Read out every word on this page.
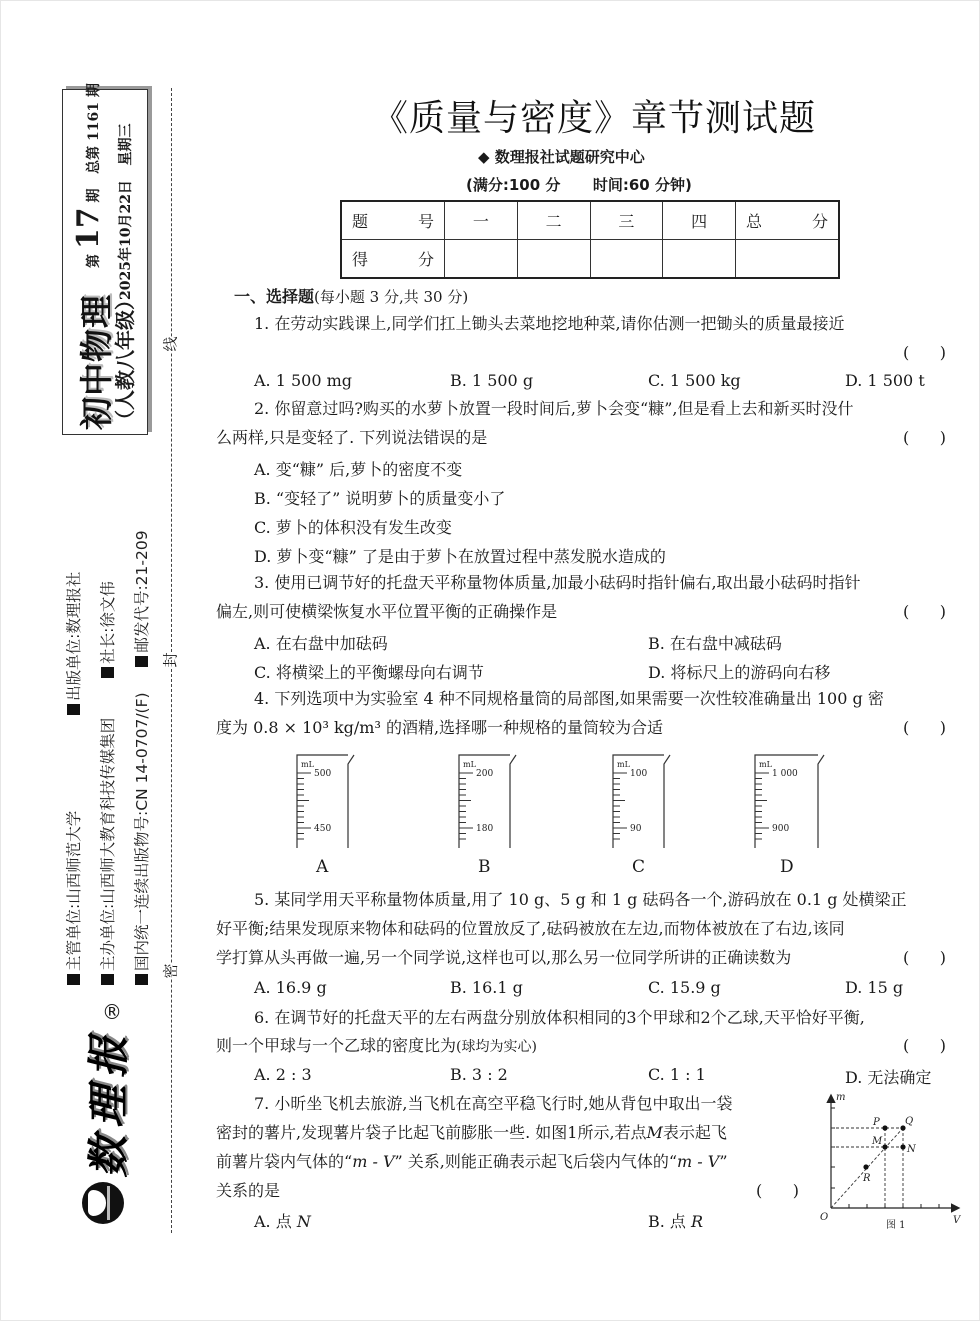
初中物理
（人教八年级）
第 17 期   总第 1161 期
2025年10月22日   星期三
主管单位:山西师范大学  出版单位:数理报社
主办单位:山西师大教育科技传媒集团  社长:徐文伟
国内统一连续出版物号:CN 14-0707/(F)  邮发代号:21-209
线
封
密
数理报
®
《质量与密度》章节测试题
◆ 数理报社试题研究中心
(满分:100 分 时间:60 分钟)
题 号	一	二	三	四	总 分

得 分					

一、选择题(每小题 3 分,共 30 分)
1. 在劳动实践课上,同学们扛上锄头去菜地挖地种菜,请你估测一把锄头的质量最接近
(      )
A. 1 500 mg	B. 1 500 g	C. 1 500 kg	D. 1 500 t
2. 你留意过吗?购买的水萝卜放置一段时间后,萝卜会变“糠”,但是看上去和新买时没什
么两样,只是变轻了. 下列说法错误的是	(      )
A. 变“糠” 后,萝卜的密度不变
B. “变轻了” 说明萝卜的质量变小了
C. 萝卜的体积没有发生改变
D. 萝卜变“糠” 了是由于萝卜在放置过程中蒸发脱水造成的
3. 使用已调节好的托盘天平称量物体质量,加最小砝码时指针偏右,取出最小砝码时指针
偏左,则可使横梁恢复水平位置平衡的正确操作是	(      )
A. 在右盘中加砝码	B. 在右盘中减砝码
C. 将横梁上的平衡螺母向右调节	D. 将标尺上的游码向右移
4. 下列选项中为实验室 4 种不同规格量筒的局部图,如果需要一次性较准确量出 100 g 密
度为 0.8 × 10³ kg/m³ 的酒精,选择哪一种规格的量筒较为合适	(      )
mL
500
450
A
mL
200
180
B
mL
100
90
C
mL
1 000
900
D
5. 某同学用天平称量物体质量,用了 10 g、5 g 和 1 g 砝码各一个,游码放在 0.1 g 处横梁正
好平衡;结果发现原来物体和砝码的位置放反了,砝码被放在左边,而物体被放在了右边,该同
学打算从头再做一遍,另一个同学说,这样也可以,那么另一位同学所讲的正确读数为	(      )
A. 16.9 g	B. 16.1 g	C. 15.9 g	D. 15 g
6. 在调节好的托盘天平的左右两盘分别放体积相同的3个甲球和2个乙球,天平恰好平衡,
则一个甲球与一个乙球的密度比为(球均为实心)	(      )
A. 2 : 3	B. 3 : 2	C. 1 : 1	D. 无法确定
7. 小昕坐飞机去旅游,当飞机在高空平稳飞行时,她从背包中取出一袋
密封的薯片,发现薯片袋子比起飞前膨胀一些. 如图1所示,若点M表示起飞
前薯片袋内气体的“m - V” 关系,则能正确表示起飞后袋内气体的“m - V”
关系的是	(      )
A. 点 N	B. 点 R
m
V
O
P	Q
M
N
R
图 1
